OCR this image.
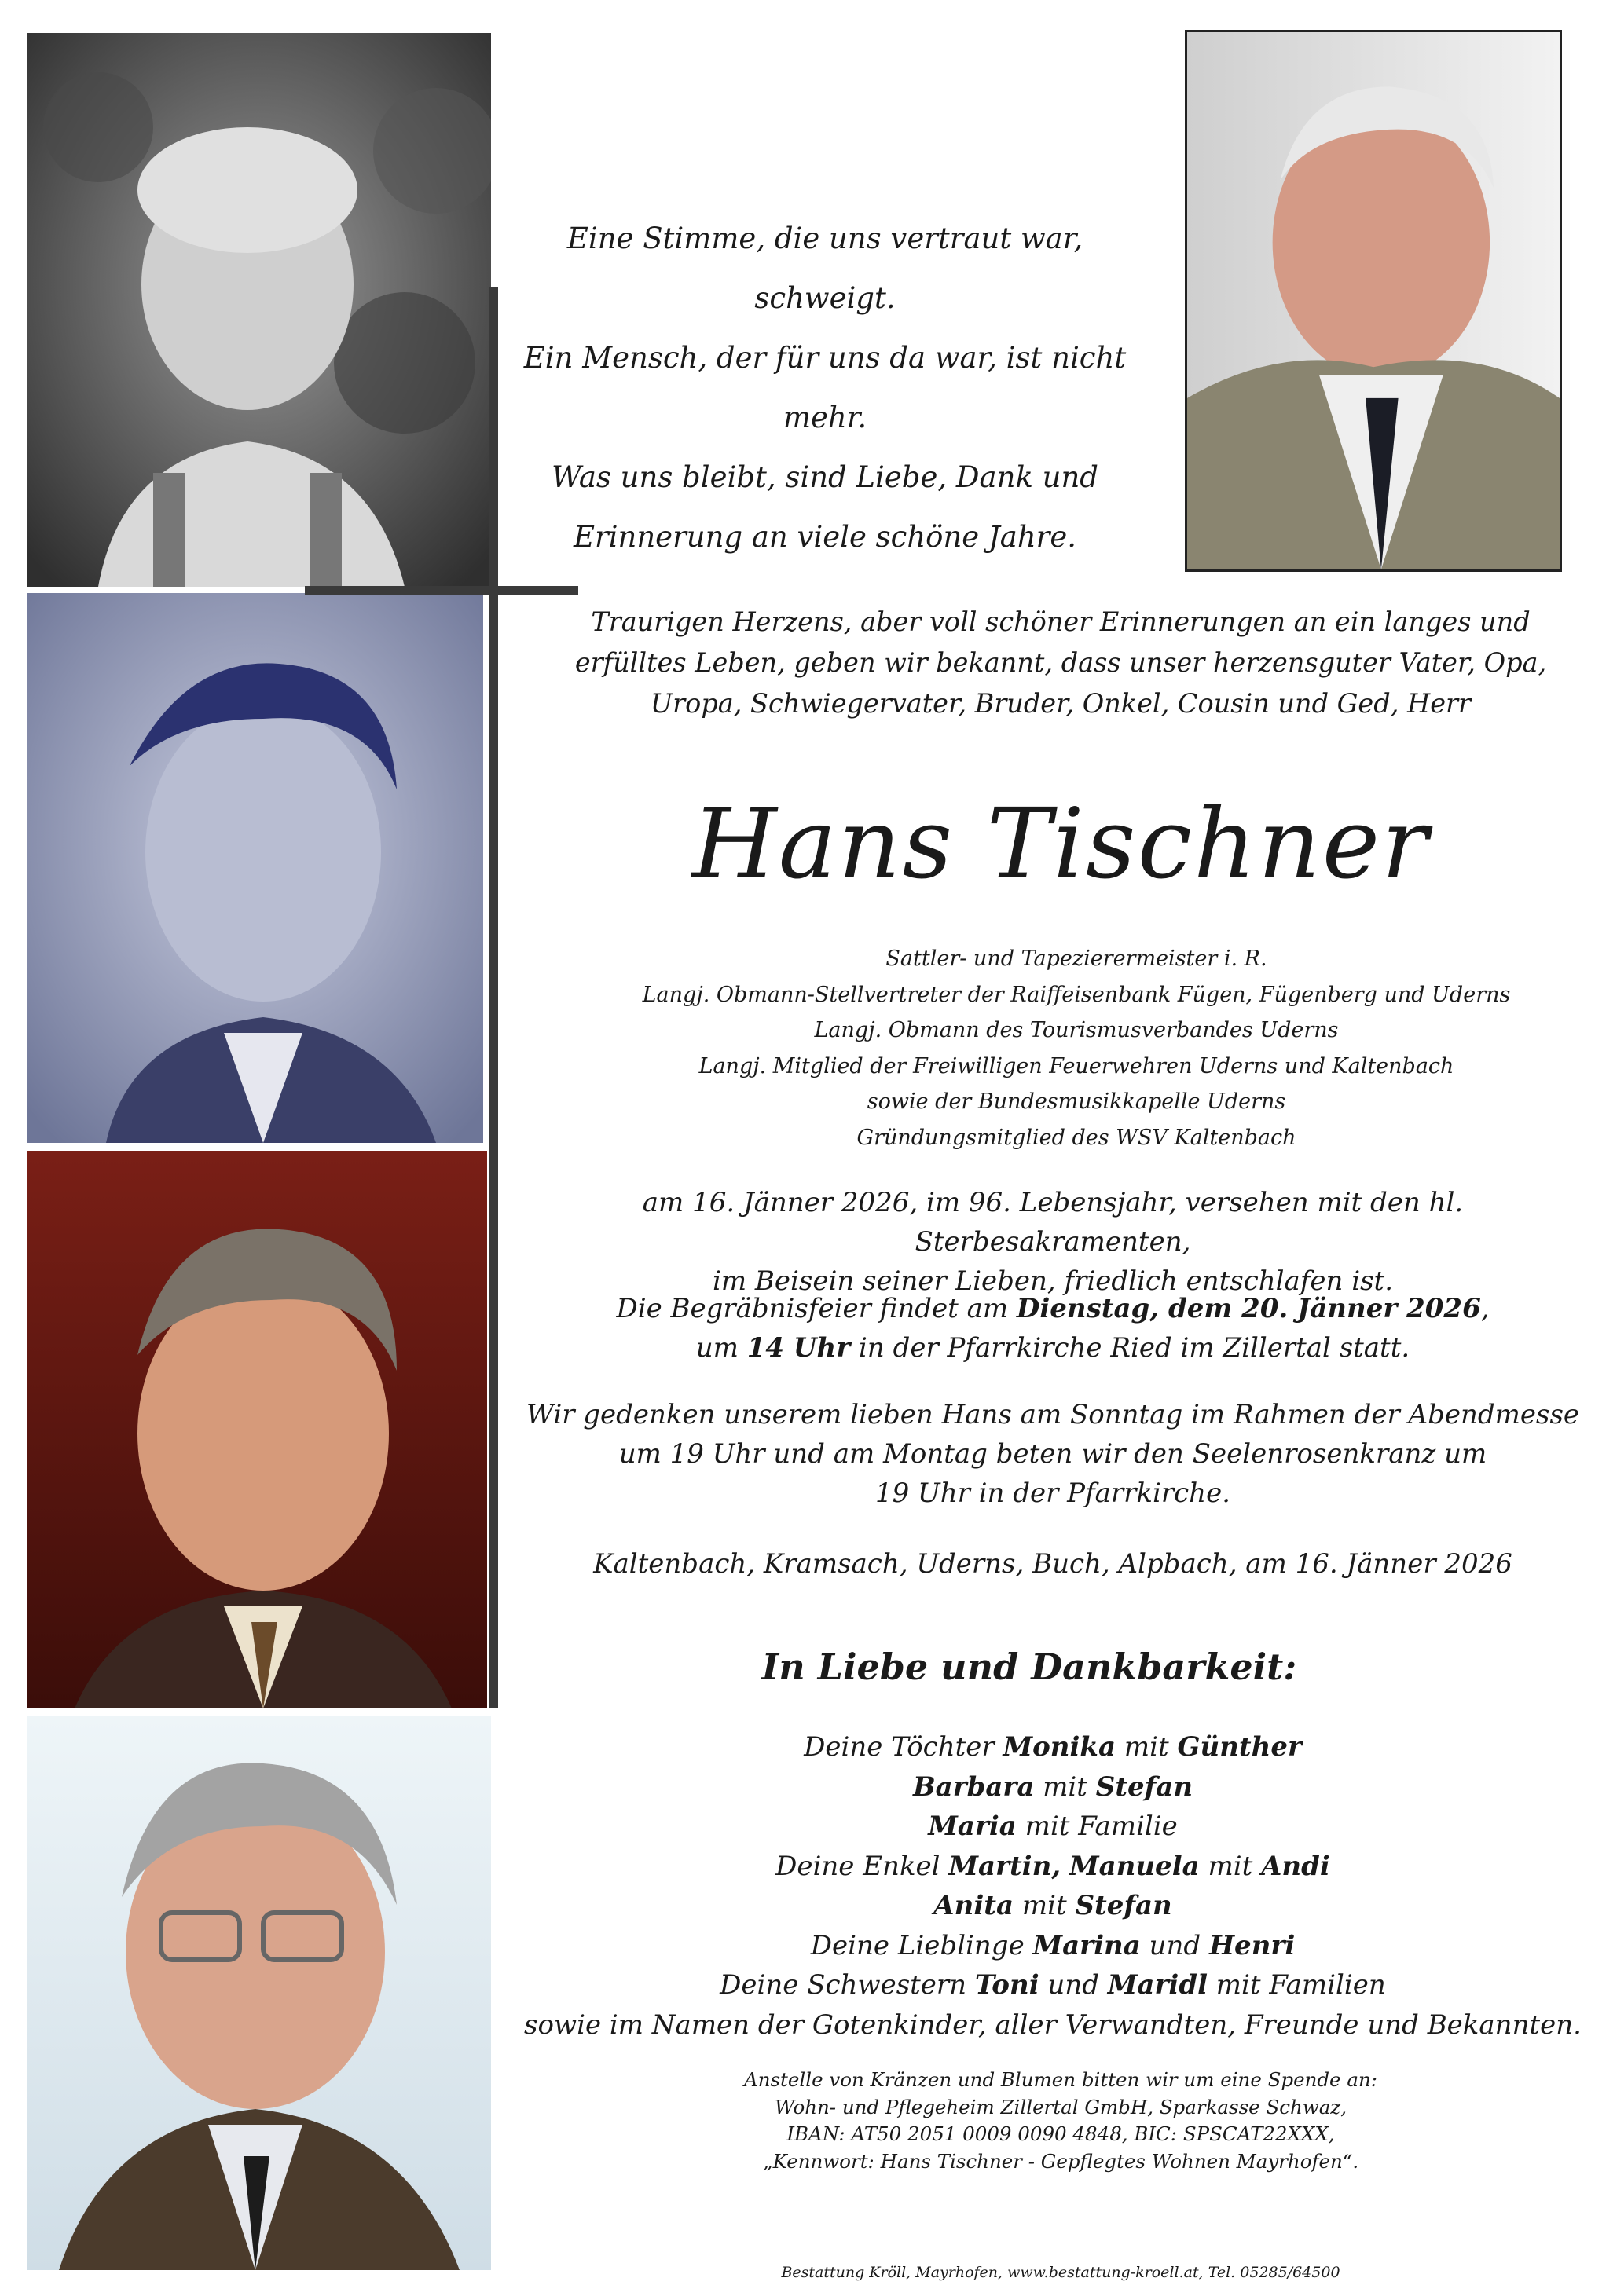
Eine Stimme, die uns vertraut war, schweigt.
Ein Mensch, der für uns da war, ist nicht mehr.
Was uns bleibt, sind Liebe, Dank und
Erinnerung an viele schöne Jahre.
Traurigen Herzens, aber voll schöner Erinnerungen an ein langes und
erfülltes Leben, geben wir bekannt, dass unser herzensguter Vater, Opa,
Uropa, Schwiegervater, Bruder, Onkel, Cousin und Ged, Herr
Hans Tischner
Sattler- und Tapezierermeister i. R.
Langj. Obmann-Stellvertreter der Raiffeisenbank Fügen, Fügenberg und Uderns
Langj. Obmann des Tourismusverbandes Uderns
Langj. Mitglied der Freiwilligen Feuerwehren Uderns und Kaltenbach
sowie der Bundesmusikkapelle Uderns
Gründungsmitglied des WSV Kaltenbach
am 16. Jänner 2026, im 96. Lebensjahr, versehen mit den hl. Sterbesakramenten,
im Beisein seiner Lieben, friedlich entschlafen ist.
Die Begräbnisfeier findet am Dienstag, dem 20. Jänner 2026,
um 14 Uhr in der Pfarrkirche Ried im Zillertal statt.
Wir gedenken unserem lieben Hans am Sonntag im Rahmen der Abendmesse
um 19 Uhr und am Montag beten wir den Seelenrosenkranz um
19 Uhr in der Pfarrkirche.
Kaltenbach, Kramsach, Uderns, Buch, Alpbach, am 16. Jänner 2026
In Liebe und Dankbarkeit:
Deine Töchter Monika mit Günther
Barbara mit Stefan
Maria mit Familie
Deine Enkel Martin, Manuela mit Andi
Anita mit Stefan
Deine Lieblinge Marina und Henri
Deine Schwestern Toni und Maridl mit Familien
sowie im Namen der Gotenkinder, aller Verwandten, Freunde und Bekannten.
Anstelle von Kränzen und Blumen bitten wir um eine Spende an:
Wohn- und Pflegeheim Zillertal GmbH, Sparkasse Schwaz,
IBAN: AT50 2051 0009 0090 4848, BIC: SPSCAT22XXX,
„Kennwort: Hans Tischner - Gepflegtes Wohnen Mayrhofen“.
Bestattung Kröll, Mayrhofen, www.bestattung-kroell.at, Tel. 05285/64500
